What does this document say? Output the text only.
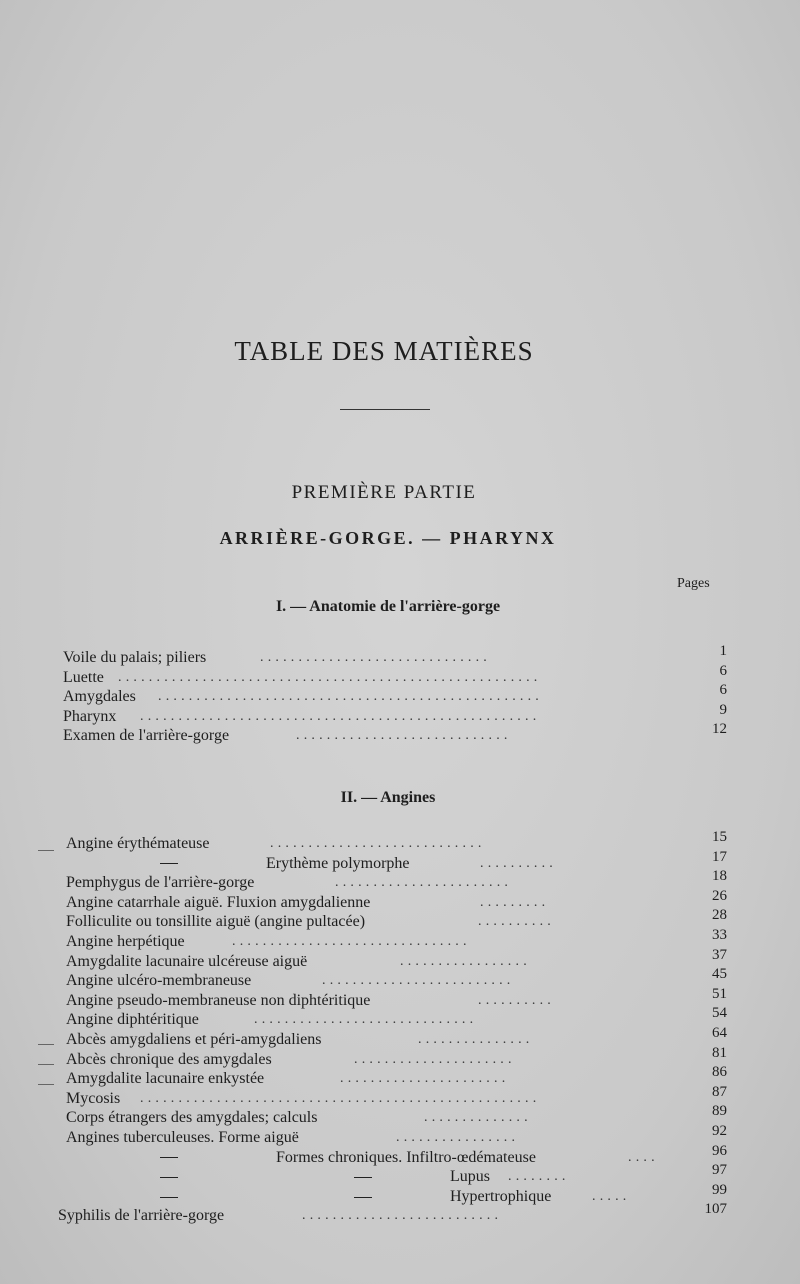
TABLE DES MATIÈRES
PREMIÈRE PARTIE
ARRIÈRE-GORGE. — PHARYNX
Pages
I. — Anatomie de l'arrière-gorge
Voile du palais; piliers	..............................	1
Luette .......................................................	6
Amygdales ..................................................	6
Pharynx ....................................................	9
Examen de l'arrière-gorge	............................	12
II. — Angines
Angine érythémateuse	............................	15
Erythème polymorphe	..........	17
Pemphygus de l'arrière-gorge	.......................	18
Angine catarrhale aiguë. Fluxion amygdalienne	.........	26
Folliculite ou tonsillite aiguë (angine pultacée)	..........	28
Angine herpétique	...............................	33
Amygdalite lacunaire ulcéreuse aiguë	.................	37
Angine ulcéro-membraneuse	.........................	45
Angine pseudo-membraneuse non diphtéritique	..........	51
Angine diphtéritique	.............................	54
Abcès amygdaliens et péri-amygdaliens	...............	64
Abcès chronique des amygdales	.....................	81
Amygdalite lacunaire enkystée	......................	86
Mycosis ....................................................	87
Corps étrangers des amygdales; calculs	..............	89
Angines tuberculeuses. Forme aiguë	................	92
Formes chroniques. Infiltro-œdémateuse	....	96
Lupus ........	97
Hypertrophique	.....	99
Syphilis de l'arrière-gorge	..........................	107
